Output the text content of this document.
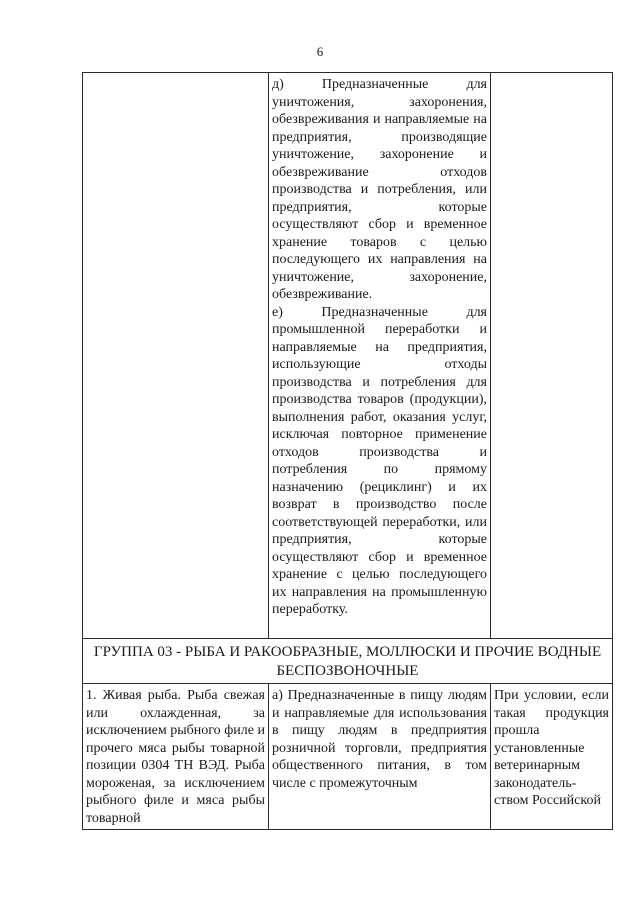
6

	д) Предназначенные для уничтожения, захоронения, обезвреживания и направляемые на предприятия, производящие уничтожение, захоронение и обезвреживание отходов производства и потребления, или предприятия, которые осуществляют сбор и временное хранение товаров с целью последующего их направления на уничтожение, захоронение, обезвреживание.

е) Предназначенные для промышленной переработки и направляемые на предприятия, использующие отходы производства и потребления для производства товаров (продукции), выполнения работ, оказания услуг, исключая повторное применение отходов производства и потребления по прямому назначению (рециклинг) и их возврат в производство после соответствующей переработки, или предприятия, которые осуществляют сбор и временное хранение с целью последующего их направления на промышленную переработку.	

ГРУППА 03 - РЫБА И РАКООБРАЗНЫЕ, МОЛЛЮСКИ И ПРОЧИЕ ВОДНЫЕ БЕСПОЗВОНОЧНЫЕ		

1. Живая рыба. Рыба свежая или охлажденная, за исключением рыбного филе и прочего мяса рыбы товарной позиции 0304 ТН ВЭД. Рыба мороженая, за исключением рыбного филе и мяса рыбы товарной	а) Предназначенные в пищу людям и направляемые для использования в пищу людям в предприятия розничной торговли, предприятия общественного питания, в том числе с промежуточным	При условии, если такая продукция прошла установленные ветеринарным законодатель-ством Российской
